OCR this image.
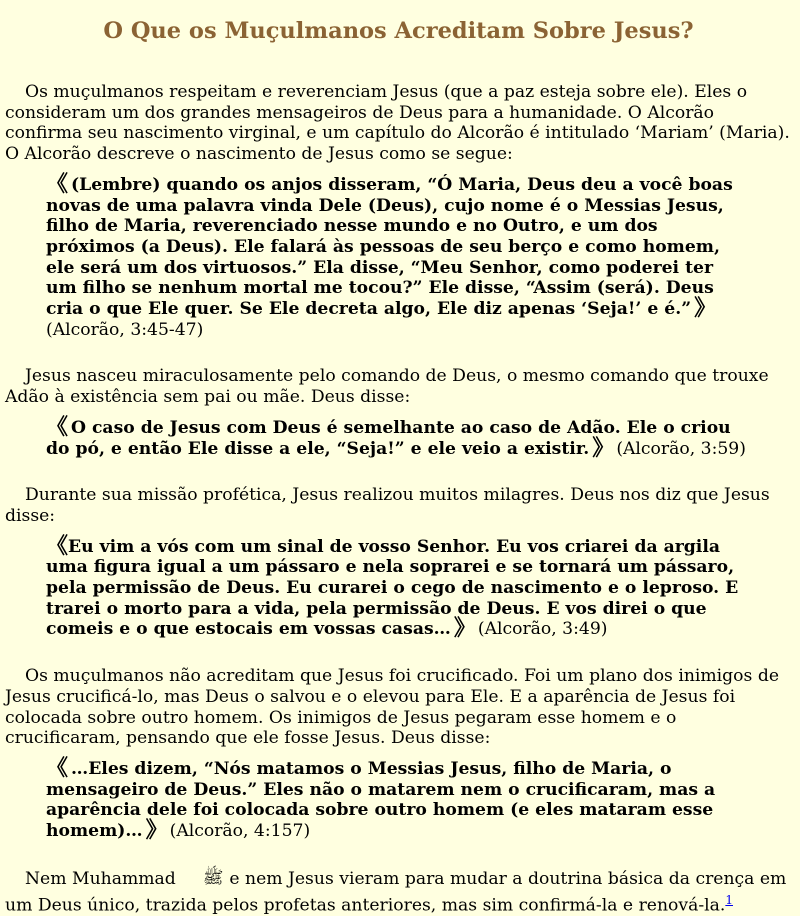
O Que os Muçulmanos Acreditam Sobre Jesus?

Os muçulmanos respeitam e reverenciam Jesus (que a paz esteja sobre ele). Eles o consideram um dos grandes mensageiros de Deus para a humanidade. O Alcorão confirma seu nascimento virginal, e um capítulo do Alcorão é intitulado ‘Mariam’ (Maria). O Alcorão descreve o nascimento de Jesus como se segue:

《 (Lembre) quando os anjos disseram, “Ó Maria, Deus deu a você boas novas de uma palavra vinda Dele (Deus), cujo nome é o Messias Jesus, filho de Maria, reverenciado nesse mundo e no Outro, e um dos próximos (a Deus). Ele falará às pessoas de seu berço e como homem, ele será um dos virtuosos.” Ela disse, “Meu Senhor, como poderei ter um filho se nenhum mortal me tocou?” Ele disse, “Assim (será). Deus cria o que Ele quer. Se Ele decreta algo, Ele diz apenas ‘Seja!’ e é.” 》(Alcorão, 3:45-47)

Jesus nasceu miraculosamente pelo comando de Deus, o mesmo comando que trouxe Adão à existência sem pai ou mãe. Deus disse:

《 O caso de Jesus com Deus é semelhante ao caso de Adão. Ele o criou do pó, e então Ele disse a ele, “Seja!” e ele veio a existir. 》 (Alcorão, 3:59)

Durante sua missão profética, Jesus realizou muitos milagres. Deus nos diz que Jesus disse:

《Eu vim a vós com um sinal de vosso Senhor. Eu vos criarei da argila uma figura igual a um pássaro e nela soprarei e se tornará um pássaro, pela permissão de Deus. Eu curarei o cego de nascimento e o leproso. E trarei o morto para a vida, pela permissão de Deus. E vos direi o que comeis e o que estocais em vossas casas… 》 (Alcorão, 3:49)

Os muçulmanos não acreditam que Jesus foi crucificado. Foi um plano dos inimigos de Jesus crucificá-lo, mas Deus o salvou e o elevou para Ele. E a aparência de Jesus foi colocada sobre outro homem. Os inimigos de Jesus pegaram esse homem e o crucificaram, pensando que ele fosse Jesus. Deus disse:

《 …Eles dizem, “Nós matamos o Messias Jesus, filho de Maria, o mensageiro de Deus.” Eles não o matarem nem o crucificaram, mas a aparência dele foi colocada sobre outro homem (e eles mataram esse homem)… 》 (Alcorão, 4:157)

Nem Muhammad ﷺ e nem Jesus vieram para mudar a doutrina básica da crença em um Deus único, trazida pelos profetas anteriores, mas sim confirmá-la e renová-la.$^1$
